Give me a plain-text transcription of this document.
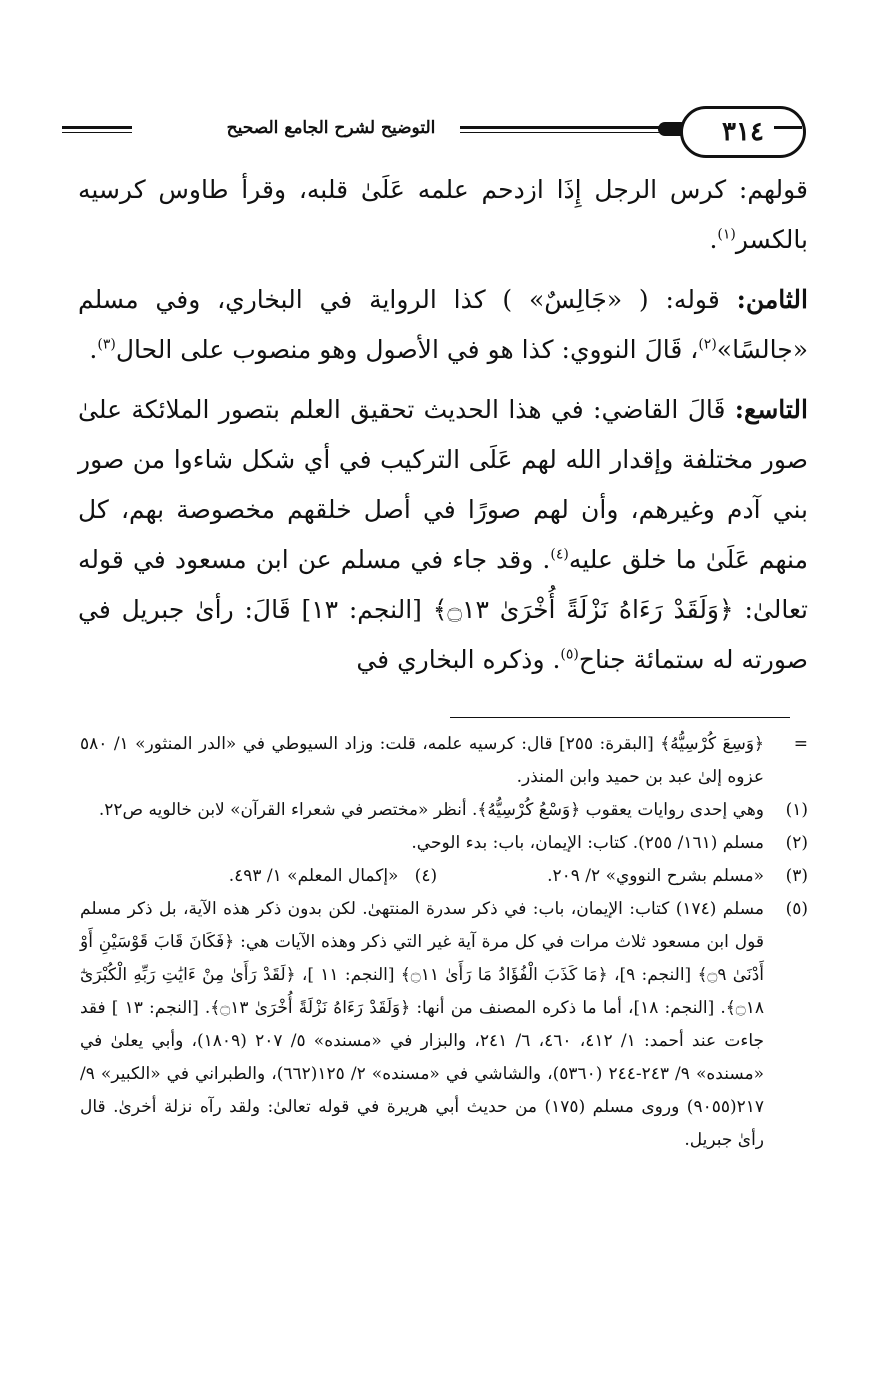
التوضيح لشرح الجامع الصحيح	٣١٤

قولهم: كرس الرجل إِذَا ازدحم علمه عَلَىٰ قلبه، وقرأ طاوس كرسيه بالكسر$^{(١)}$.

الثامن: قوله: ( «جَالِسٌ» ) كذا الرواية في البخاري، وفي مسلم «جالسًا»$^{(٢)}$، قَالَ النووي: كذا هو في الأصول وهو منصوب على الحال$^{(٣)}$.

التاسع: قَالَ القاضي: في هذا الحديث تحقيق العلم بتصور الملائكة علىٰ صور مختلفة وإقدار الله لهم عَلَى التركيب في أي شكل شاءوا من صور بني آدم وغيرهم، وأن لهم صورًا في أصل خلقهم مخصوصة بهم، كل منهم عَلَىٰ ما خلق عليه$^{(٤)}$. وقد جاء في مسلم عن ابن مسعود في قوله تعالىٰ: ﴿وَلَقَدْ رَءَاهُ نَزْلَةً أُخْرَىٰ ۝١٣﴾ [النجم: ١٣] قَالَ: رأىٰ جبريل في صورته له ستمائة جناح$^{(٥)}$. وذكره البخاري في

=
﴿وَسِعَ كُرْسِيُّهُ﴾ [البقرة: ٢٥٥] قال: كرسيه علمه، قلت: وزاد السيوطي في «الدر المنثور» ١/ ٥٨٠ عزوه إلىٰ عبد بن حميد وابن المنذر.
(١)
وهي إحدى روايات يعقوب ﴿وَسْعُ كُرْسِيُّهُ﴾. أنظر «مختصر في شعراء القرآن» لابن خالويه ص٢٢.
(٢)
مسلم (١٦١/ ٢٥٥). كتاب: الإيمان، باب: بدء الوحي.
(٣)
«مسلم بشرح النووي» ٢/ ٢٠٩.
(٤)   «إكمال المعلم» ١/ ٤٩٣.
(٥)
مسلم (١٧٤) كتاب: الإيمان، باب: في ذكر سدرة المنتهىٰ. لكن بدون ذكر هذه الآية، بل ذكر مسلم قول ابن مسعود ثلاث مرات في كل مرة آية غير التي ذكر وهذه الآيات هي: ﴿فَكَانَ قَابَ قَوْسَيْنِ أَوْ أَدْنَىٰ ۝٩﴾ [النجم: ٩]، ﴿مَا كَذَبَ الْفُؤَادُ مَا رَأَىٰ ۝١١﴾ [النجم: ١١ ]، ﴿لَقَدْ رَأَىٰ مِنْ ءَايَٰتِ رَبِّهِ الْكُبْرَىٰٓ ۝١٨﴾. [النجم: ١٨]، أما ما ذكره المصنف من أنها: ﴿وَلَقَدْ رَءَاهُ نَزْلَةً أُخْرَىٰ ۝١٣﴾. [النجم: ١٣ ] فقد جاءت عند أحمد: ١/ ٤١٢، ٤٦٠، ٦/ ٢٤١، والبزار في «مسنده» ٥/ ٢٠٧ (١٨٠٩)، وأبي يعلىٰ في «مسنده» ٩/ ٢٤٣-٢٤٤ (٥٣٦٠)، والشاشي في «مسنده» ٢/ ١٢٥(٦٦٢)، والطبراني في «الكبير» ٩/ ٢١٧(٩٠٥٥) وروى مسلم (١٧٥) من حديث أبي هريرة في قوله تعالىٰ: ولقد رآه نزلة أخرىٰ. قال رأىٰ جبريل.
